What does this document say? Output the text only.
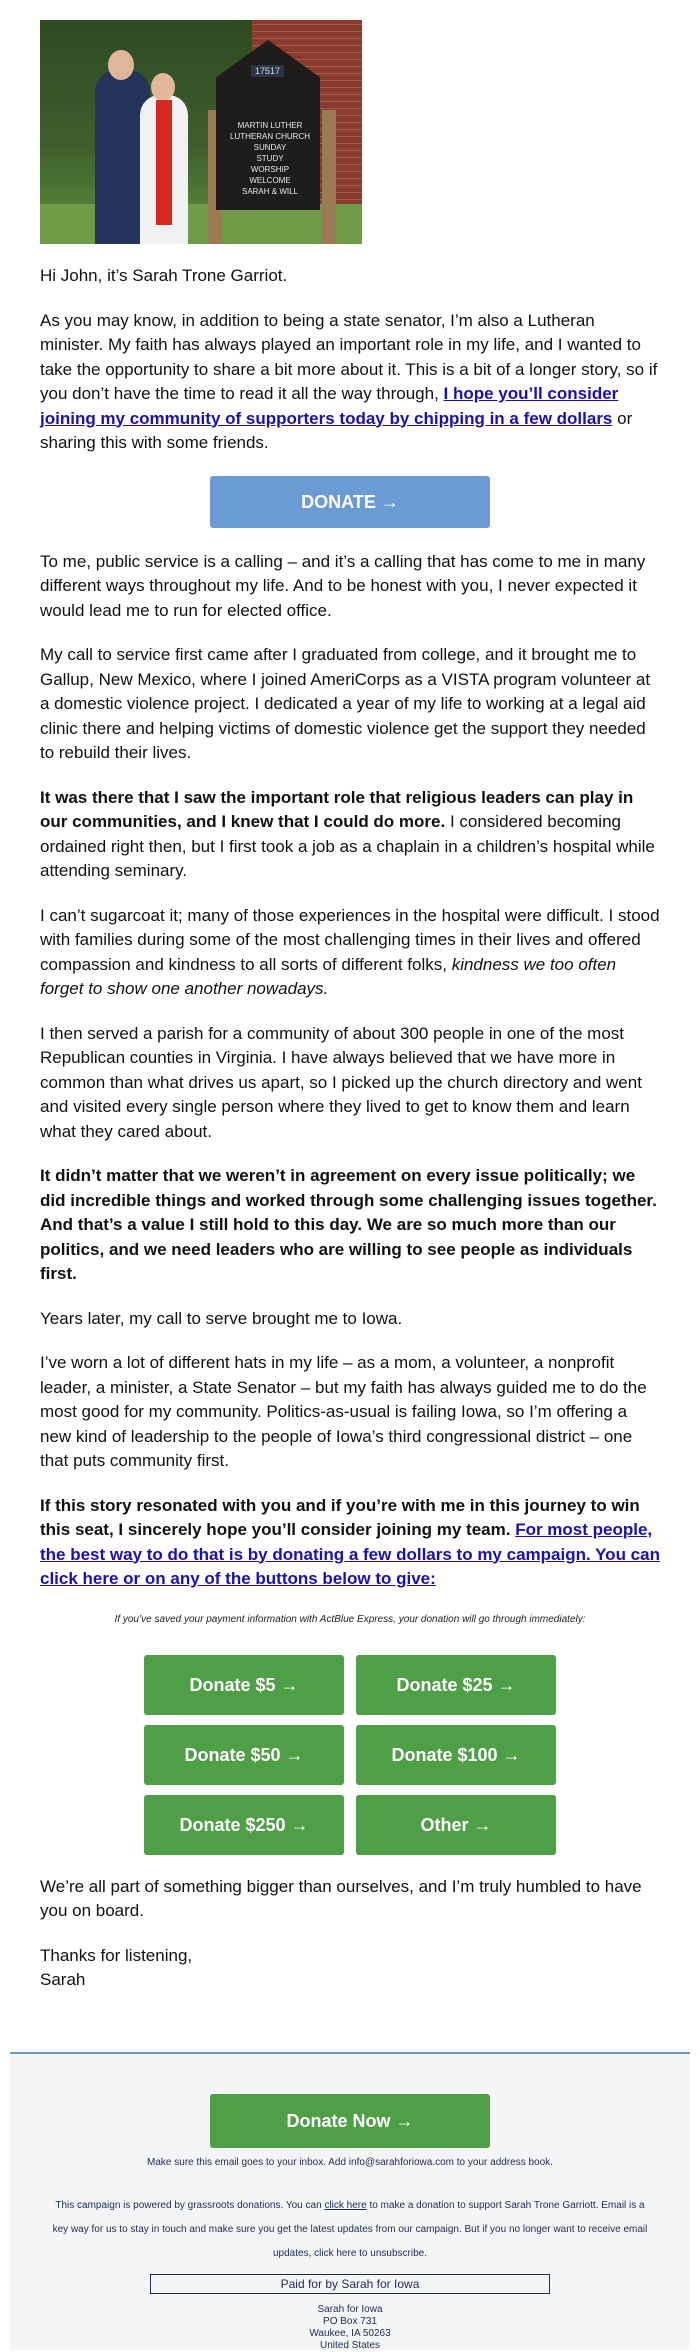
17517
MARTIN LUTHER
LUTHERAN CHURCH
SUNDAY
STUDY
WORSHIP
WELCOME
SARAH & WILL

Hi John, it’s Sarah Trone Garriot.

As you may know, in addition to being a state senator, I’m also a Lutheran minister. My faith has always played an important role in my life, and I wanted to take the opportunity to share a bit more about it. This is a bit of a longer story, so if you don’t have the time to read it all the way through, I hope you’ll consider joining my community of supporters today by chipping in a few dollars or sharing this with some friends.

DONATE →

To me, public service is a calling – and it’s a calling that has come to me in many different ways throughout my life. And to be honest with you, I never expected it would lead me to run for elected office.

My call to service first came after I graduated from college, and it brought me to Gallup, New Mexico, where I joined AmeriCorps as a VISTA program volunteer at a domestic violence project. I dedicated a year of my life to working at a legal aid clinic there and helping victims of domestic violence get the support they needed to rebuild their lives.

It was there that I saw the important role that religious leaders can play in our communities, and I knew that I could do more. I considered becoming ordained right then, but I first took a job as a chaplain in a children’s hospital while attending seminary.

I can’t sugarcoat it; many of those experiences in the hospital were difficult. I stood with families during some of the most challenging times in their lives and offered compassion and kindness to all sorts of different folks, kindness we too often forget to show one another nowadays.

I then served a parish for a community of about 300 people in one of the most Republican counties in Virginia. I have always believed that we have more in common than what drives us apart, so I picked up the church directory and went and visited every single person where they lived to get to know them and learn what they cared about.

It didn’t matter that we weren’t in agreement on every issue politically; we did incredible things and worked through some challenging issues together. And that’s a value I still hold to this day. We are so much more than our politics, and we need leaders who are willing to see people as individuals first.

Years later, my call to serve brought me to Iowa.

I’ve worn a lot of different hats in my life – as a mom, a volunteer, a nonprofit leader, a minister, a State Senator – but my faith has always guided me to do the most good for my community. Politics-as-usual is failing Iowa, so I’m offering a new kind of leadership to the people of Iowa’s third congressional district – one that puts community first.

If this story resonated with you and if you’re with me in this journey to win this seat, I sincerely hope you’ll consider joining my team. For most people, the best way to do that is by donating a few dollars to my campaign. You can click here or on any of the buttons below to give:

If you’ve saved your payment information with ActBlue Express, your donation will go through immediately:
Donate $5 →	Donate $25 →
Donate $50 →	Donate $100 →
Donate $250 →	Other →

We’re all part of something bigger than ourselves, and I’m truly humbled to have you on board.

Thanks for listening,
Sarah

Donate Now →

Make sure this email goes to your inbox. Add info@sarahforiowa.com to your address book.

This campaign is powered by grassroots donations. You can click here to make a donation to support Sarah Trone Garriott. Email is a key way for us to stay in touch and make sure you get the latest updates from our campaign. But if you no longer want to receive email updates, click here to unsubscribe.

Paid for by Sarah for Iowa
Sarah for Iowa
PO Box 731
Waukee, IA 50263
United States
